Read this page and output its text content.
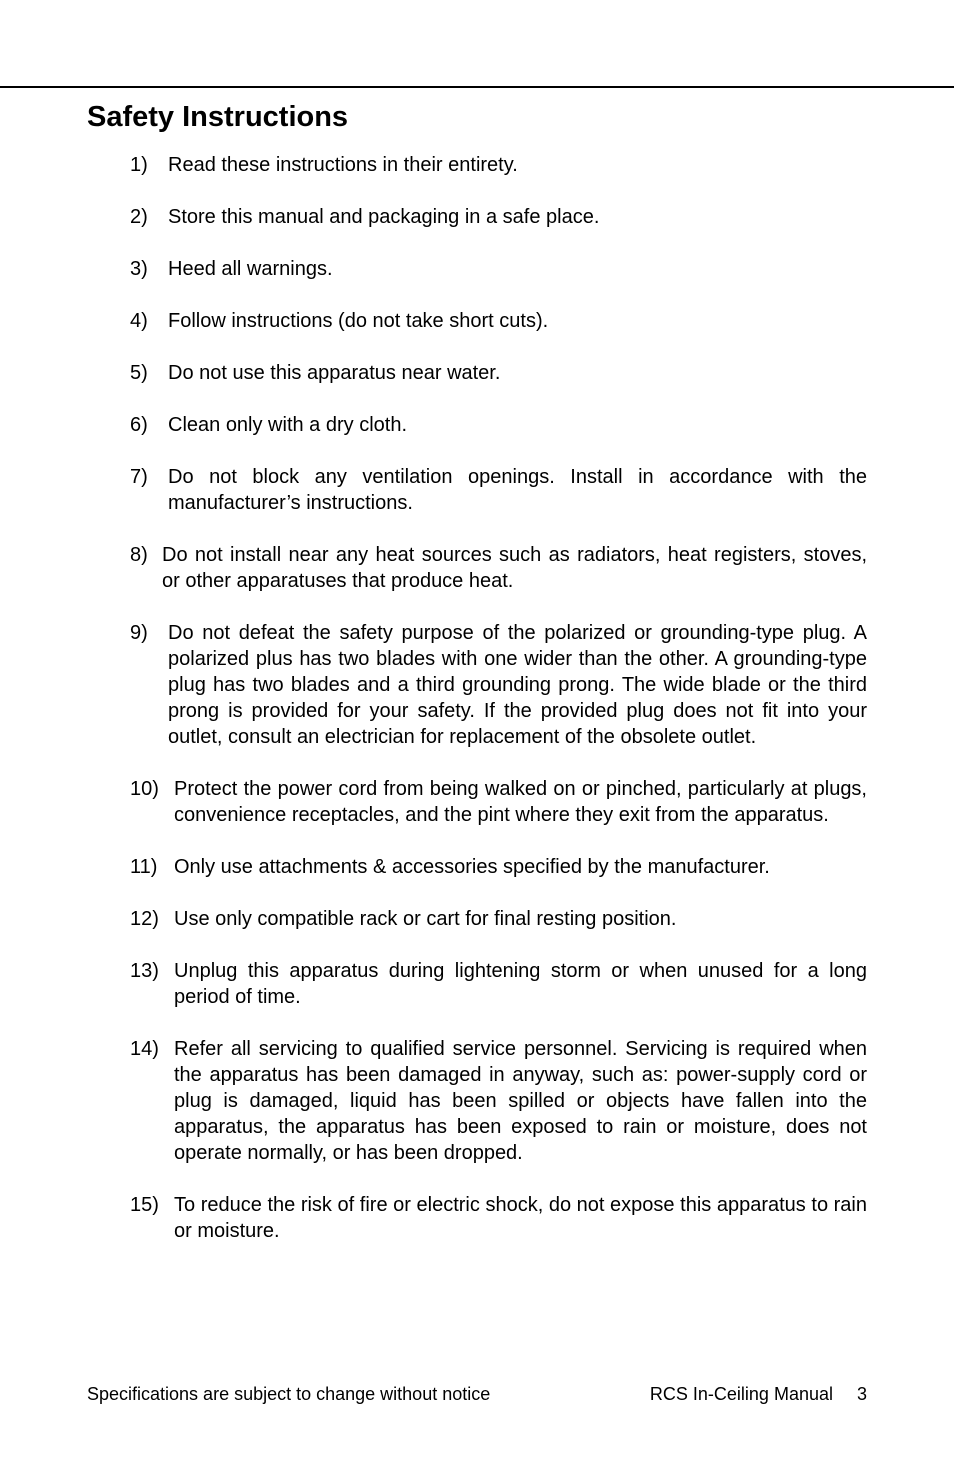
Safety Instructions
1)	Read these instructions in their entirety.
2)	Store this manual and packaging in a safe place.
3)	Heed all warnings.
4)	Follow instructions (do not take short cuts).
5)	Do not use this apparatus near water.
6)	Clean only with a dry cloth.
7)	Do not block any ventilation openings. Install in accordance with the manufacturer’s instructions.
8) Do not install near any heat sources such as radiators, heat registers, stoves, or other apparatuses that produce heat.
9)	Do not defeat the safety purpose of the polarized or grounding-type plug. A polarized plus has two blades with one wider than the other. A grounding-type plug has two blades and a third grounding prong. The wide blade or the third prong is provided for your safety. If the provided plug does not fit into your outlet, consult an electrician for replacement of the obsolete outlet.
10) Protect the power cord from being walked on or pinched, particularly at plugs, convenience receptacles, and the pint where they exit from the apparatus.
11) Only use attachments & accessories specified by the manufacturer.
12) Use only compatible rack or cart for final resting position.
13) Unplug this apparatus during lightening storm or when unused for a long period of time.
14) Refer all servicing to qualified service personnel. Servicing is required when the apparatus has been damaged in anyway, such as: power-supply cord or plug is damaged, liquid has been spilled or objects have fallen into the apparatus, the apparatus has been exposed to rain or moisture, does not operate normally, or has been dropped.
15) To reduce the risk of fire or electric shock, do not expose this apparatus to rain or moisture.
Specifications are subject to change without notice	RCS In-Ceiling Manual 3
